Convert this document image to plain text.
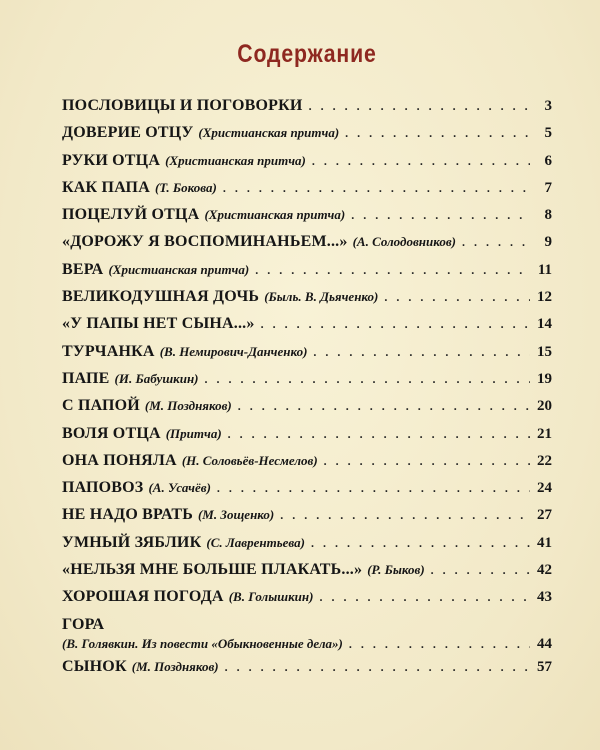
Содержание
ПОСЛОВИЦЫ И ПОГОВОРКИ . . .	3
ДОВЕРИЕ ОТЦУ (Христианская притча) . . .	5
РУКИ ОТЦА (Христианская притча) . . .	6
КАК ПАПА (Т. Бокова) . . .	7
ПОЦЕЛУЙ ОТЦА (Христианская притча) . . .	8
«ДОРОЖУ Я ВОСПОМИНАНЬЕМ...» (А. Солодовников) . . .	9
ВЕРА (Христианская притча) . . .	11
ВЕЛИКОДУШНАЯ ДОЧЬ (Быль. В. Дьяченко) . . .	12
«У ПАПЫ НЕТ СЫНА...» . . .	14
ТУРЧАНКА (В. Немирович-Данченко) . . .	15
ПАПЕ (И. Бабушкин) . . .	19
С ПАПОЙ (М. Поздняков) . . .	20
ВОЛЯ ОТЦА (Притча) . . .	21
ОНА ПОНЯЛА (Н. Соловьёв-Несмелов) . . .	22
ПАПОВОЗ (А. Усачёв) . . .	24
НЕ НАДО ВРАТЬ (М. Зощенко) . . .	27
УМНЫЙ ЗЯБЛИК (С. Лаврентьева) . . .	41
«НЕЛЬЗЯ МНЕ БОЛЬШЕ ПЛАКАТЬ...» (Р. Быков) . . .	42
ХОРОШАЯ ПОГОДА (В. Голышкин) . . .	43
ГОРА
(В. Голявкин. Из повести «Обыкновенные дела») . . .	44
СЫНОК (М. Поздняков) . . .	57
